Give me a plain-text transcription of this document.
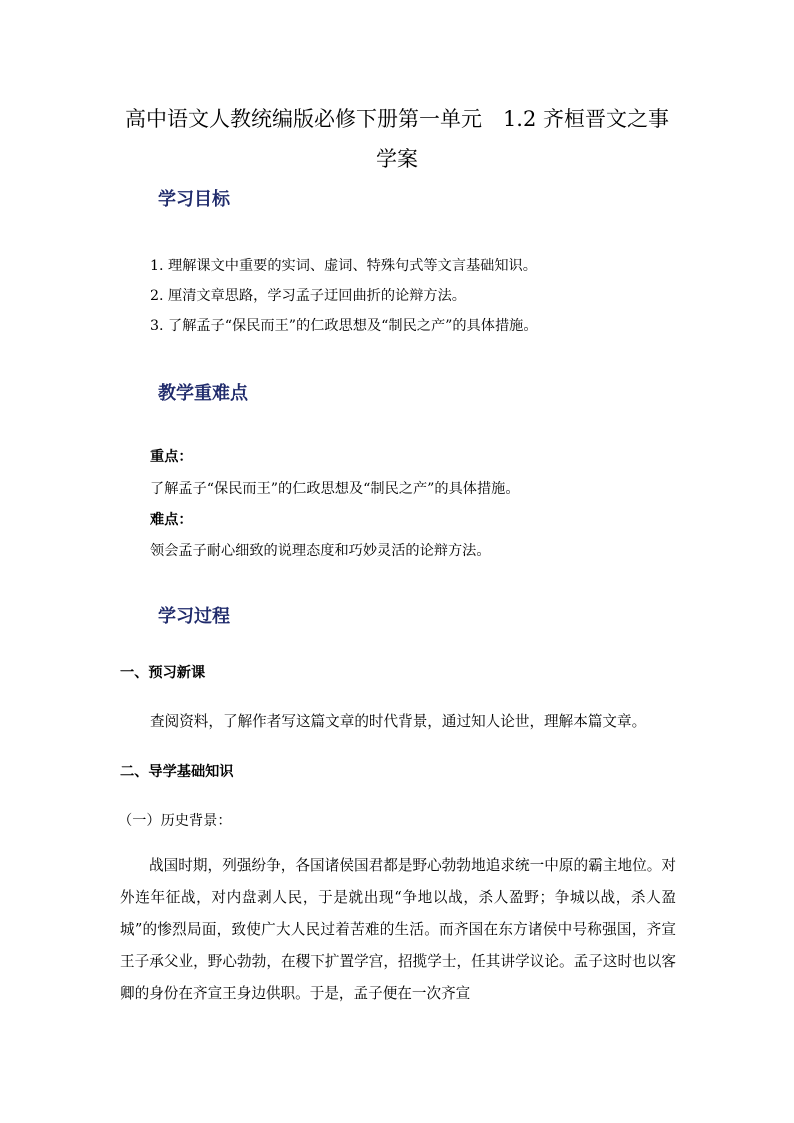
高中语文人教统编版必修下册第一单元　1.2 齐桓晋文之事
学案
学习目标
1. 理解课文中重要的实词、虚词、特殊句式等文言基础知识。
2. 厘清文章思路，学习孟子迂回曲折的论辩方法。
3. 了解孟子“保民而王”的仁政思想及“制民之产”的具体措施。
教学重难点
重点：
了解孟子“保民而王”的仁政思想及“制民之产”的具体措施。
难点：
领会孟子耐心细致的说理态度和巧妙灵活的论辩方法。
学习过程
一、预习新课
查阅资料，了解作者写这篇文章的时代背景，通过知人论世，理解本篇文章。
二、导学基础知识
（一）历史背景：
战国时期，列强纷争，各国诸侯国君都是野心勃勃地追求统一中原的霸主地位。对外连年征战，对内盘剥人民，于是就出现“争地以战，杀人盈野；争城以战，杀人盈城”的惨烈局面，致使广大人民过着苦难的生活。而齐国在东方诸侯中号称强国，齐宣王子承父业，野心勃勃，在稷下扩置学宫，招揽学士，任其讲学议论。孟子这时也以客卿的身份在齐宣王身边供职。于是，孟子便在一次齐宣
